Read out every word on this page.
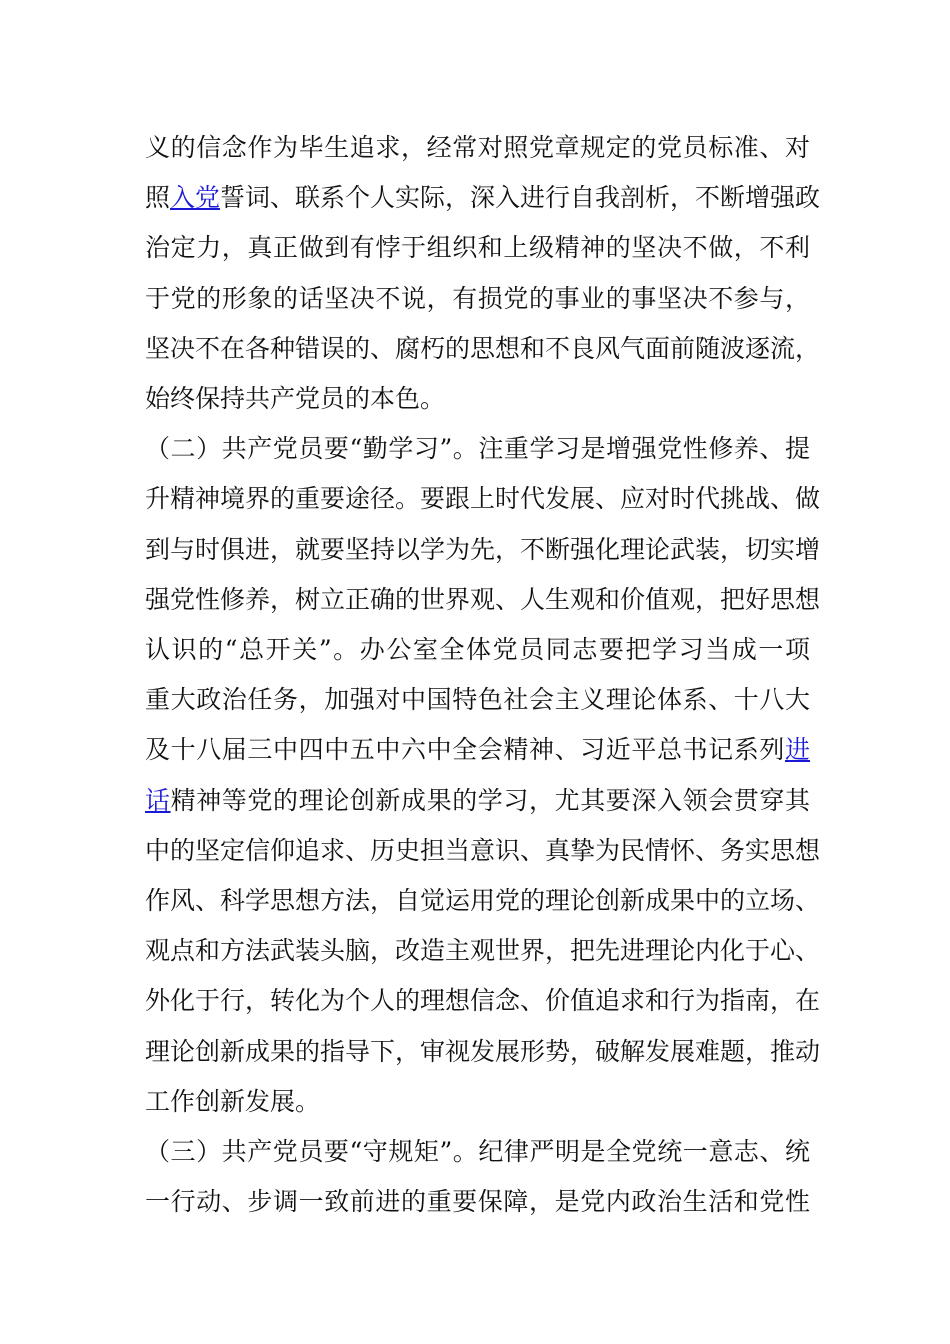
义的信念作为毕生追求，经常对照党章规定的党员标准、对
照入党誓词、联系个人实际，深入进行自我剖析，不断增强政
治定力，真正做到有悖于组织和上级精神的坚决不做，不利
于党的形象的话坚决不说，有损党的事业的事坚决不参与，
坚决不在各种错误的、腐朽的思想和不良风气面前随波逐流，
始终保持共产党员的本色。
（二）共产党员要“勤学习”。注重学习是增强党性修养、提
升精神境界的重要途径。要跟上时代发展、应对时代挑战、做
到与时俱进，就要坚持以学为先，不断强化理论武装，切实增
强党性修养，树立正确的世界观、人生观和价值观，把好思想
认识的“总开关”。办公室全体党员同志要把学习当成一项
重大政治任务，加强对中国特色社会主义理论体系、十八大
及十八届三中四中五中六中全会精神、习近平总书记系列进
话精神等党的理论创新成果的学习，尤其要深入领会贯穿其
中的坚定信仰追求、历史担当意识、真挚为民情怀、务实思想
作风、科学思想方法，自觉运用党的理论创新成果中的立场、
观点和方法武装头脑，改造主观世界，把先进理论内化于心、
外化于行，转化为个人的理想信念、价值追求和行为指南，在
理论创新成果的指导下，审视发展形势，破解发展难题，推动
工作创新发展。
（三）共产党员要“守规矩”。纪律严明是全党统一意志、统
一行动、步调一致前进的重要保障，是党内政治生活和党性
